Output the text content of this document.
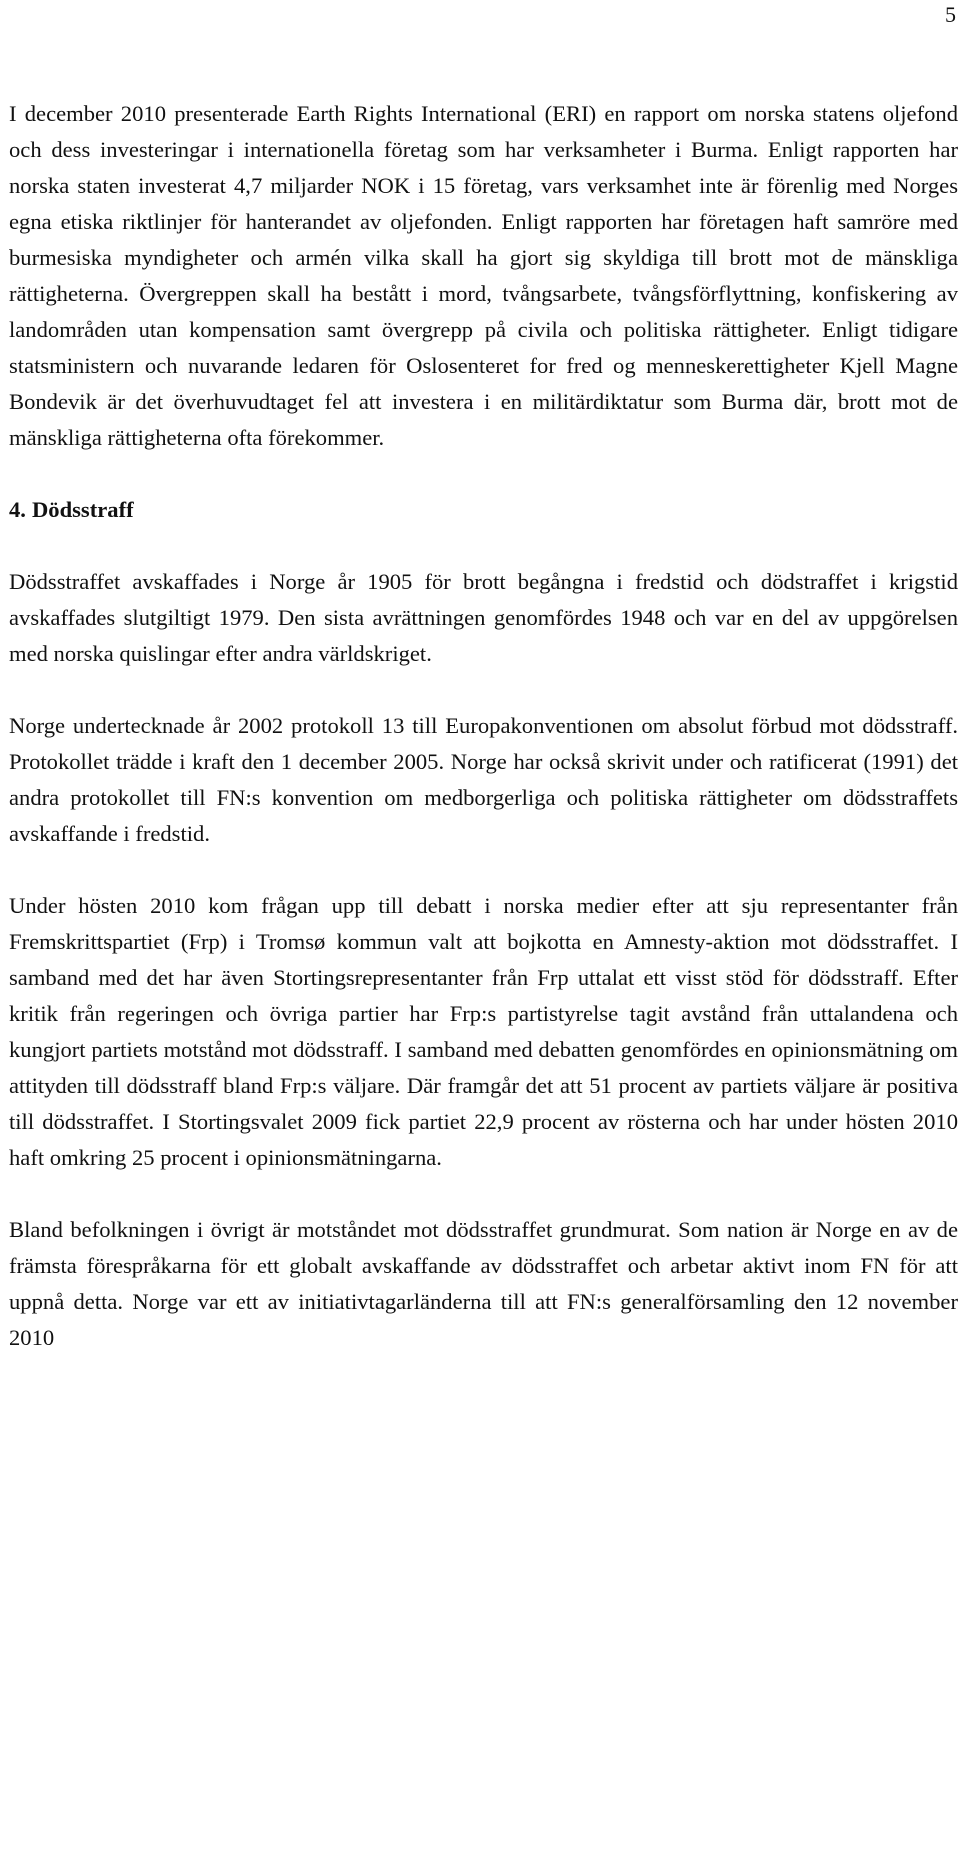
5

I december 2010 presenterade Earth Rights International (ERI) en rapport om norska statens oljefond och dess investeringar i internationella företag som har verksamheter i Burma. Enligt rapporten har norska staten investerat 4,7 miljarder NOK i 15 företag, vars verksamhet inte är förenlig med Norges egna etiska riktlinjer för hanterandet av oljefonden. Enligt rapporten har företagen haft samröre med burmesiska myndigheter och armén vilka skall ha gjort sig skyldiga till brott mot de mänskliga rättigheterna. Övergreppen skall ha bestått i mord, tvångsarbete, tvångsförflyttning, konfiskering av landområden utan kompensation samt övergrepp på civila och politiska rättigheter. Enligt tidigare statsministern och nuvarande ledaren för Oslosenteret for fred og menneskerettigheter Kjell Magne Bondevik är det överhuvudtaget fel att investera i en militärdiktatur som Burma där, brott mot de mänskliga rättigheterna ofta förekommer.

4. Dödsstraff

Dödsstraffet avskaffades i Norge år 1905 för brott begångna i fredstid och dödstraffet i krigstid avskaffades slutgiltigt 1979. Den sista avrättningen genomfördes 1948 och var en del av uppgörelsen med norska quislingar efter andra världskriget.

Norge undertecknade år 2002 protokoll 13 till Europakonventionen om absolut förbud mot dödsstraff. Protokollet trädde i kraft den 1 december 2005. Norge har också skrivit under och ratificerat (1991) det andra protokollet till FN:s konvention om medborgerliga och politiska rättigheter om dödsstraffets avskaffande i fredstid.

Under hösten 2010 kom frågan upp till debatt i norska medier efter att sju representanter från Fremskrittspartiet (Frp) i Tromsø kommun valt att bojkotta en Amnesty-aktion mot dödsstraffet. I samband med det har även Stortingsrepresentanter från Frp uttalat ett visst stöd för dödsstraff. Efter kritik från regeringen och övriga partier har Frp:s partistyrelse tagit avstånd från uttalandena och kungjort partiets motstånd mot dödsstraff. I samband med debatten genomfördes en opinionsmätning om attityden till dödsstraff bland Frp:s väljare. Där framgår det att 51 procent av partiets väljare är positiva till dödsstraffet. I Stortingsvalet 2009 fick partiet 22,9 procent av rösterna och har under hösten 2010 haft omkring 25 procent i opinionsmätningarna.

Bland befolkningen i övrigt är motståndet mot dödsstraffet grundmurat. Som nation är Norge en av de främsta förespråkarna för ett globalt avskaffande av dödsstraffet och arbetar aktivt inom FN för att uppnå detta. Norge var ett av initiativtagarländerna till att FN:s generalförsamling den 12 november 2010
